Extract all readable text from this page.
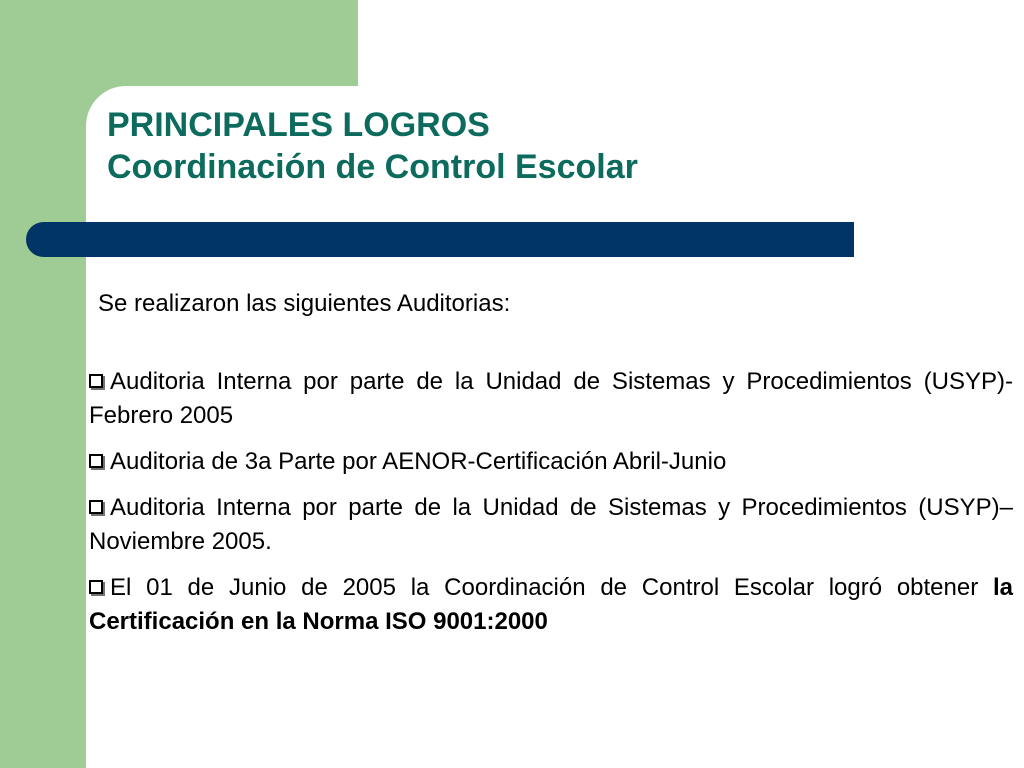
PRINCIPALES LOGROS
Coordinación de Control Escolar

Se realizaron las siguientes Auditorias:

Auditoria Interna por parte de la Unidad de Sistemas y Procedimientos (USYP)- Febrero 2005
Auditoria de 3a Parte por AENOR-Certificación Abril-Junio
Auditoria Interna por parte de la Unidad de Sistemas y Procedimientos (USYP)–Noviembre 2005.
El 01 de Junio de 2005 la Coordinación de Control Escolar logró obtener la Certificación en la Norma ISO 9001:2000
